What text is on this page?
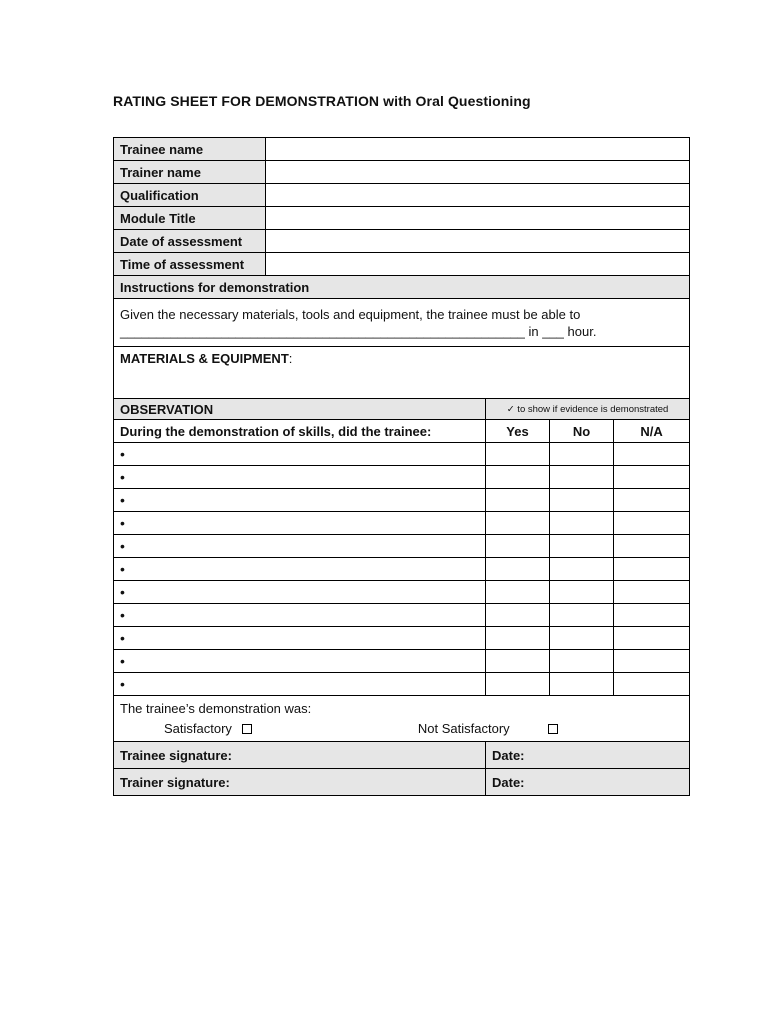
RATING SHEET FOR DEMONSTRATION with Oral Questioning
Trainee name				
Trainer name				
Qualification				
Module Title				
Date of assessment				
Time of assessment				
Instructions for demonstration				

Given the necessary materials, tools and equipment, the trainee must be able to
________________________________________________________ in ___ hour.				

MATERIALS & EQUIPMENT:				
OBSERVATION		✓ to show if evidence is demonstrated		
During the demonstration of skills, did the trainee:		Yes	No	N/A
•				
•				
•				
•				
•				
•				
•				
•				
•				
•				
•				

The trainee’s demonstration was:
Satisfactory Not Satisfactory				

Trainee signature:		Date:		
Trainer signature:		Date:		
